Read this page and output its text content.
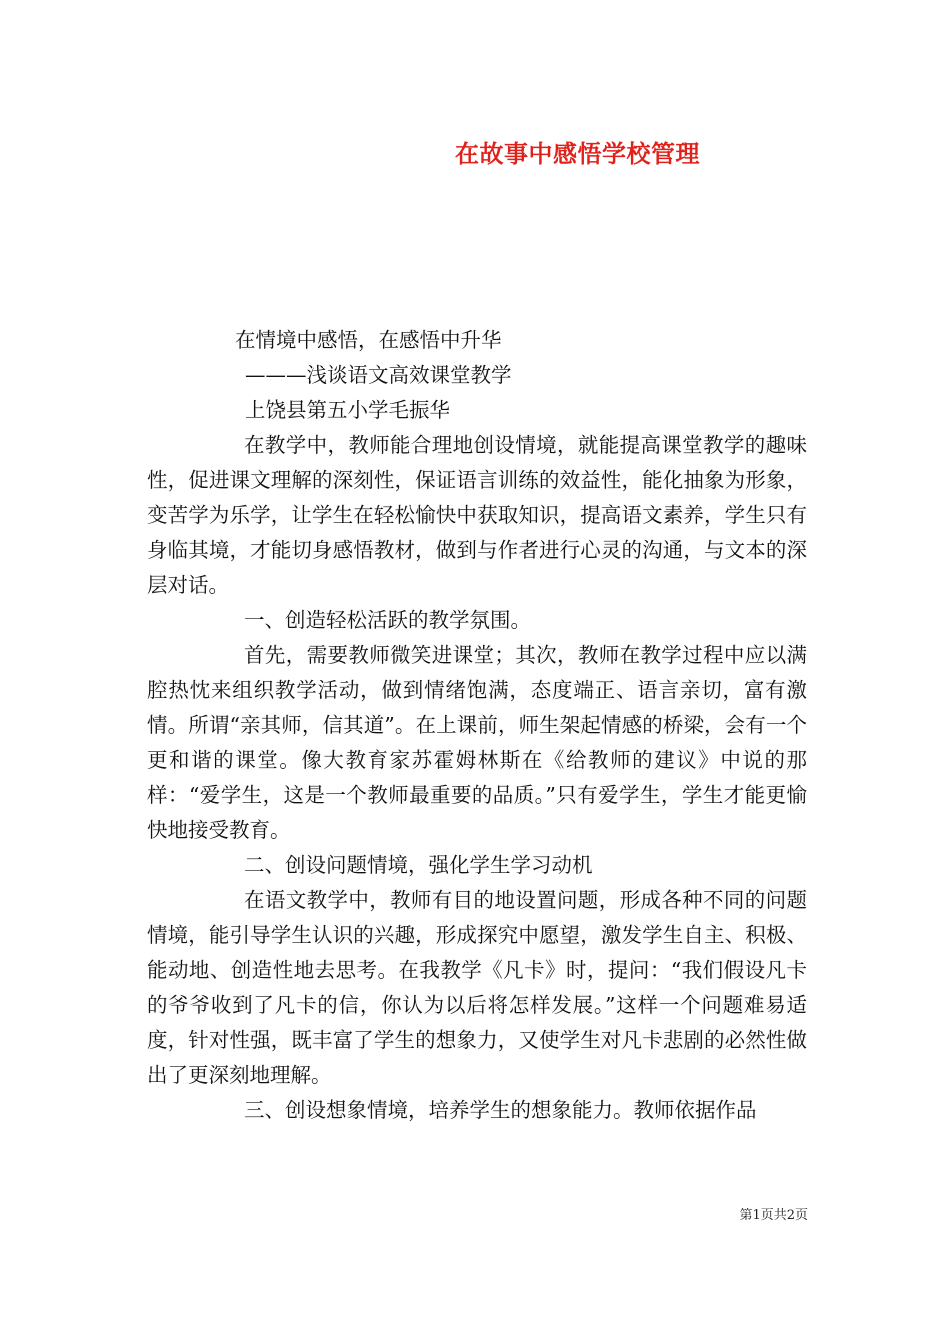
在故事中感悟学校管理

在情境中感悟，在感悟中升华

———浅谈语文高效课堂教学

上饶县第五小学毛振华

在教学中，教师能合理地创设情境，就能提高课堂教学的趣味性，促进课文理解的深刻性，保证语言训练的效益性，能化抽象为形象，变苦学为乐学，让学生在轻松愉快中获取知识，提高语文素养，学生只有身临其境，才能切身感悟教材，做到与作者进行心灵的沟通，与文本的深层对话。

一、创造轻松活跃的教学氛围。

首先，需要教师微笑进课堂；其次，教师在教学过程中应以满腔热忱来组织教学活动，做到情绪饱满，态度端正、语言亲切，富有激情。所谓“亲其师，信其道”。在上课前，师生架起情感的桥梁，会有一个更和谐的课堂。像大教育家苏霍姆林斯在《给教师的建议》中说的那样：“爱学生，这是一个教师最重要的品质。”只有爱学生，学生才能更愉快地接受教育。

二、创设问题情境，强化学生学习动机

在语文教学中，教师有目的地设置问题，形成各种不同的问题情境，能引导学生认识的兴趣，形成探究中愿望，激发学生自主、积极、能动地、创造性地去思考。在我教学《凡卡》时，提问：“我们假设凡卡的爷爷收到了凡卡的信，你认为以后将怎样发展。”这样一个问题难易适度，针对性强，既丰富了学生的想象力，又使学生对凡卡悲剧的必然性做出了更深刻地理解。

三、创设想象情境，培养学生的想象能力。教师依据作品

第1页共2页
